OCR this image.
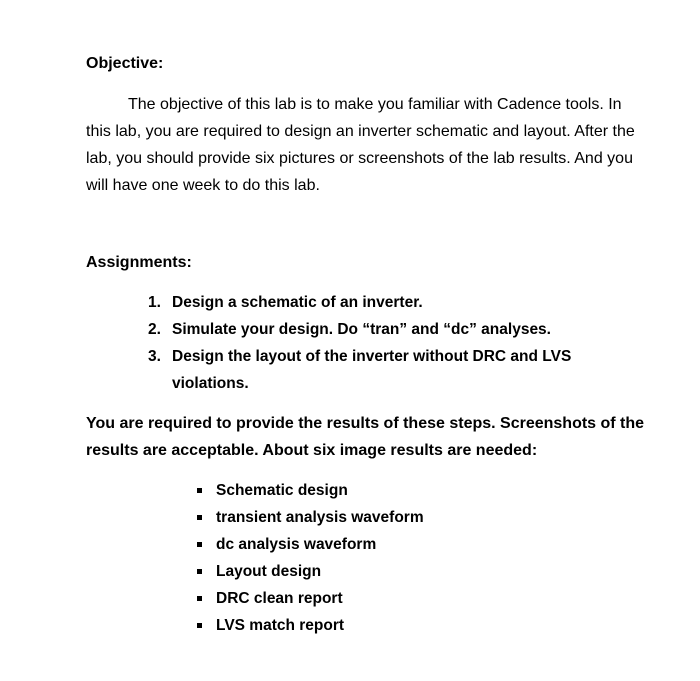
Objective:

The objective of this lab is to make you familiar with Cadence tools. In this lab, you are required to design an inverter schematic and layout. After the lab, you should provide six pictures or screenshots of the lab results. And you will have one week to do this lab.

Assignments:
1. Design a schematic of an inverter.
2. Simulate your design. Do “tran” and “dc” analyses.
3. Design the layout of the inverter without DRC and LVS violations.

You are required to provide the results of these steps. Screenshots of the results are acceptable. About six image results are needed:

Schematic design
transient analysis waveform
dc analysis waveform
Layout design
DRC clean report
LVS match report
